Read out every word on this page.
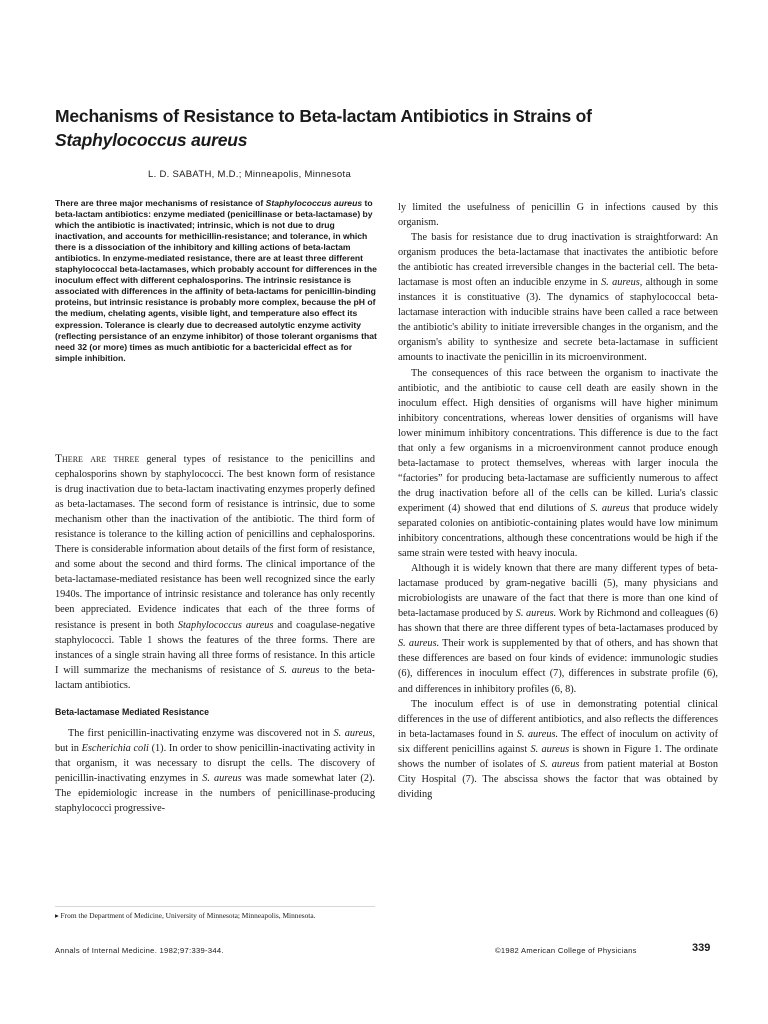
Mechanisms of Resistance to Beta-lactam Antibiotics in Strains of
Staphylococcus aureus
L. D. SABATH, M.D.; Minneapolis, Minnesota

There are three major mechanisms of resistance of Staphylococcus aureus to beta-lactam antibiotics: enzyme mediated (penicillinase or beta-lactamase) by which the antibiotic is inactivated; intrinsic, which is not due to drug inactivation, and accounts for methicillin-resistance; and tolerance, in which there is a dissociation of the inhibitory and killing actions of beta-lactam antibiotics. In enzyme-mediated resistance, there are at least three different staphylococcal beta-lactamases, which probably account for differences in the inoculum effect with different cephalosporins. The intrinsic resistance is associated with differences in the affinity of beta-lactams for penicillin-binding proteins, but intrinsic resistance is probably more complex, because the pH of the medium, chelating agents, visible light, and temperature also effect its expression. Tolerance is clearly due to decreased autolytic enzyme activity (reflecting persistance of an enzyme inhibitor) of those tolerant organisms that need 32 (or more) times as much antibiotic for a bactericidal effect as for simple inhibition.

There are three general types of resistance to the penicillins and cephalosporins shown by staphylococci. The best known form of resistance is drug inactivation due to beta-lactam inactivating enzymes properly defined as beta-lactamases. The second form of resistance is intrinsic, due to some mechanism other than the inactivation of the antibiotic. The third form of resistance is tolerance to the killing action of penicillins and cephalosporins. There is considerable information about details of the first form of resistance, and some about the second and third forms. The clinical importance of the beta-lactamase-mediated resistance has been well recognized since the early 1940s. The importance of intrinsic resistance and tolerance has only recently been appreciated. Evidence indicates that each of the three forms of resistance is present in both Staphylococcus aureus and coagulase-negative staphylococci. Table 1 shows the features of the three forms. There are instances of a single strain having all three forms of resistance. In this article I will summarize the mechanisms of resistance of S. aureus to the beta-lactam antibiotics.

Beta-lactamase Mediated Resistance

The first penicillin-inactivating enzyme was discovered not in S. aureus, but in Escherichia coli (1). In order to show penicillin-inactivating activity in that organism, it was necessary to disrupt the cells. The discovery of penicillin-inactivating enzymes in S. aureus was made somewhat later (2). The epidemiologic increase in the numbers of penicillinase-producing staphylococci progressive-

ly limited the usefulness of penicillin G in infections caused by this organism.

The basis for resistance due to drug inactivation is straightforward: An organism produces the beta-lactamase that inactivates the antibiotic before the antibiotic has created irreversible changes in the bacterial cell. The beta-lactamase is most often an inducible enzyme in S. aureus, although in some instances it is constituative (3). The dynamics of staphylococcal beta-lactamase interaction with inducible strains have been called a race between the antibiotic's ability to initiate irreversible changes in the organism, and the organism's ability to synthesize and secrete beta-lactamase in sufficient amounts to inactivate the penicillin in its microenvironment.

The consequences of this race between the organism to inactivate the antibiotic, and the antibiotic to cause cell death are easily shown in the inoculum effect. High densities of organisms will have higher minimum inhibitory concentrations, whereas lower densities of organisms will have lower minimum inhibitory concentrations. This difference is due to the fact that only a few organisms in a microenvironment cannot produce enough beta-lactamase to protect themselves, whereas with larger inocula the “factories” for producing beta-lactamase are sufficiently numerous to affect the drug inactivation before all of the cells can be killed. Luria's classic experiment (4) showed that end dilutions of S. aureus that produce widely separated colonies on antibiotic-containing plates would have low minimum inhibitory concentrations, although these concentrations would be high if the same strain were tested with heavy inocula.

Although it is widely known that there are many different types of beta-lactamase produced by gram-negative bacilli (5), many physicians and microbiologists are unaware of the fact that there is more than one kind of beta-lactamase produced by S. aureus. Work by Richmond and colleagues (6) has shown that there are three different types of beta-lactamases produced by S. aureus. Their work is supplemented by that of others, and has shown that these differences are based on four kinds of evidence: immunologic studies (6), differences in inoculum effect (7), differences in substrate profile (6), and differences in inhibitory profiles (6, 8).

The inoculum effect is of use in demonstrating potential clinical differences in the use of different antibiotics, and also reflects the differences in beta-lactamases found in S. aureus. The effect of inoculum on activity of six different penicillins against S. aureus is shown in Figure 1. The ordinate shows the number of isolates of S. aureus from patient material at Boston City Hospital (7). The abscissa shows the factor that was obtained by dividing

▸ From the Department of Medicine, University of Minnesota; Minneapolis, Minnesota.
Annals of Internal Medicine. 1982;97:339-344.	©1982 American College of Physicians	339
